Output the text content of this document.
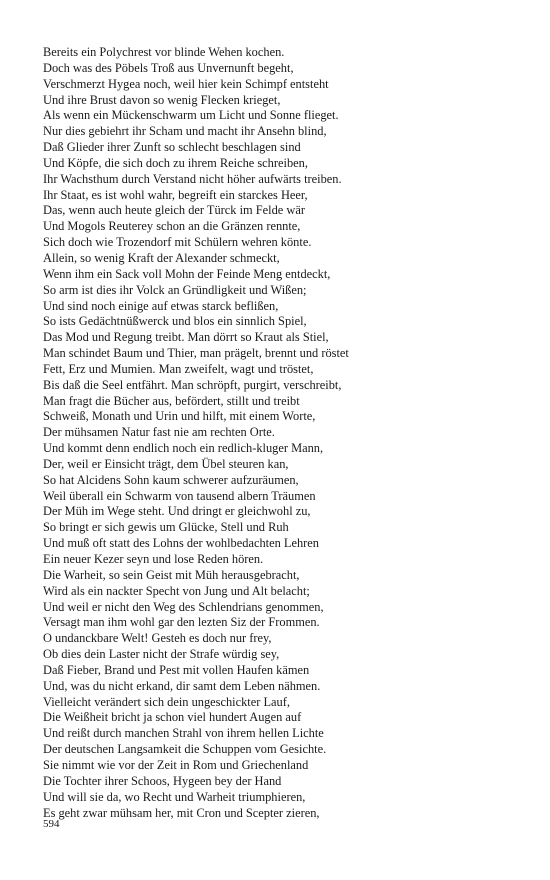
Bereits ein Polychrest vor blinde Wehen kochen.
Doch was des Pöbels Troß aus Unvernunft begeht,
Verschmerzt Hygea noch, weil hier kein Schimpf entsteht
Und ihre Brust davon so wenig Flecken krieget,
Als wenn ein Mückenschwarm um Licht und Sonne flieget.
Nur dies gebiehrt ihr Scham und macht ihr Ansehn blind,
Daß Glieder ihrer Zunft so schlecht beschlagen sind
Und Köpfe, die sich doch zu ihrem Reiche schreiben,
Ihr Wachsthum durch Verstand nicht höher aufwärts treiben.
Ihr Staat, es ist wohl wahr, begreift ein starckes Heer,
Das, wenn auch heute gleich der Türck im Felde wär
Und Mogols Reuterey schon an die Gränzen rennte,
Sich doch wie Trozendorf mit Schülern wehren könte.
Allein, so wenig Kraft der Alexander schmeckt,
Wenn ihm ein Sack voll Mohn der Feinde Meng entdeckt,
So arm ist dies ihr Volck an Gründligkeit und Wißen;
Und sind noch einige auf etwas starck beflißen,
So ists Gedächtnüßwerck und blos ein sinnlich Spiel,
Das Mod und Regung treibt. Man dörrt so Kraut als Stiel,
Man schindet Baum und Thier, man prägelt, brennt und röstet
Fett, Erz und Mumien. Man zweifelt, wagt und tröstet,
Bis daß die Seel entfährt. Man schröpft, purgirt, verschreibt,
Man fragt die Bücher aus, befördert, stillt und treibt
Schweiß, Monath und Urin und hilft, mit einem Worte,
Der mühsamen Natur fast nie am rechten Orte.
Und kommt denn endlich noch ein redlich-kluger Mann,
Der, weil er Einsicht trägt, dem Übel steuren kan,
So hat Alcidens Sohn kaum schwerer aufzuräumen,
Weil überall ein Schwarm von tausend albern Träumen
Der Müh im Wege steht. Und dringt er gleichwohl zu,
So bringt er sich gewis um Glücke, Stell und Ruh
Und muß oft statt des Lohns der wohlbedachten Lehren
Ein neuer Kezer seyn und lose Reden hören.
Die Warheit, so sein Geist mit Müh herausgebracht,
Wird als ein nackter Specht von Jung und Alt belacht;
Und weil er nicht den Weg des Schlendrians genommen,
Versagt man ihm wohl gar den lezten Siz der Frommen.
O undanckbare Welt! Gesteh es doch nur frey,
Ob dies dein Laster nicht der Strafe würdig sey,
Daß Fieber, Brand und Pest mit vollen Haufen kämen
Und, was du nicht erkand, dir samt dem Leben nähmen.
Vielleicht verändert sich dein ungeschickter Lauf,
Die Weißheit bricht ja schon viel hundert Augen auf
Und reißt durch manchen Strahl von ihrem hellen Lichte
Der deutschen Langsamkeit die Schuppen vom Gesichte.
Sie nimmt wie vor der Zeit in Rom und Griechenland
Die Tochter ihrer Schoos, Hygeen bey der Hand
Und will sie da, wo Recht und Warheit triumphieren,
Es geht zwar mühsam her, mit Cron und Scepter zieren,
594
